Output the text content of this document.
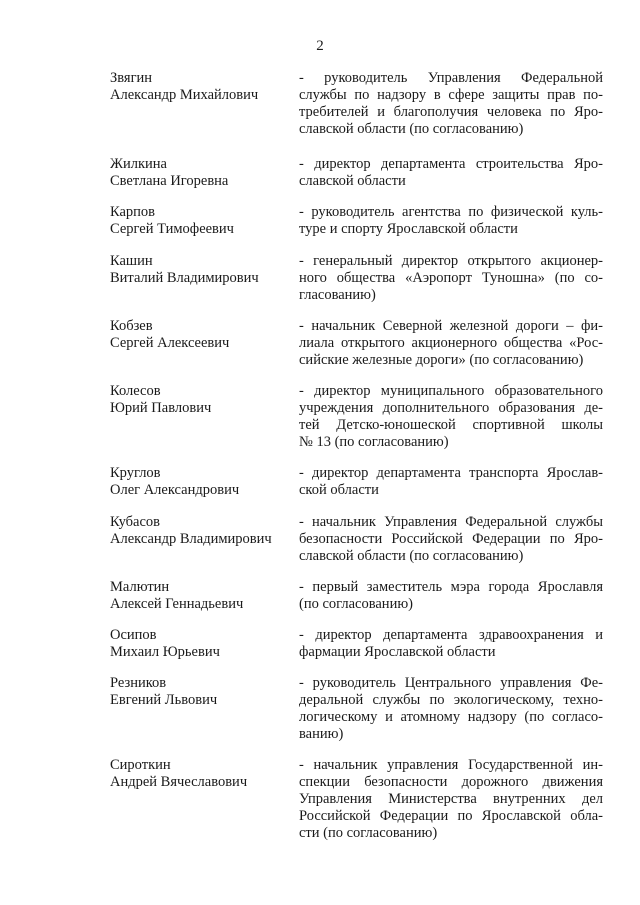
2
Звягин
Александр Михайлович
- руководитель Управления Федеральной
службы по надзору в сфере защиты прав по-
требителей и благополучия человека по Яро-
славской области (по согласованию)
Жилкина
Светлана Игоревна
- директор департамента строительства Яро-
славской области
Карпов
Сергей Тимофеевич
- руководитель агентства по физической куль-
туре и спорту Ярославской области
Кашин
Виталий Владимирович
- генеральный директор открытого акционер-
ного общества «Аэропорт Туношна» (по со-
гласованию)
Кобзев
Сергей Алексеевич
- начальник Северной железной дороги – фи-
лиала открытого акционерного общества «Рос-
сийские железные дороги» (по согласованию)
Колесов
Юрий Павлович
- директор муниципального образовательного
учреждения дополнительного образования де-
тей Детско-юношеской спортивной школы
№ 13 (по согласованию)
Круглов
Олег Александрович
- директор департамента транспорта Ярослав-
ской области
Кубасов
Александр Владимирович
- начальник Управления Федеральной службы
безопасности Российской Федерации по Яро-
славской области (по согласованию)
Малютин
Алексей Геннадьевич
- первый заместитель мэра города Ярославля
(по согласованию)
Осипов
Михаил Юрьевич
- директор департамента здравоохранения и
фармации Ярославской области
Резников
Евгений Львович
- руководитель Центрального управления Фе-
деральной службы по экологическому, техно-
логическому и атомному надзору (по согласо-
ванию)
Сироткин
Андрей Вячеславович
- начальник управления Государственной ин-
спекции безопасности дорожного движения
Управления Министерства внутренних дел
Российской Федерации по Ярославской обла-
сти (по согласованию)
